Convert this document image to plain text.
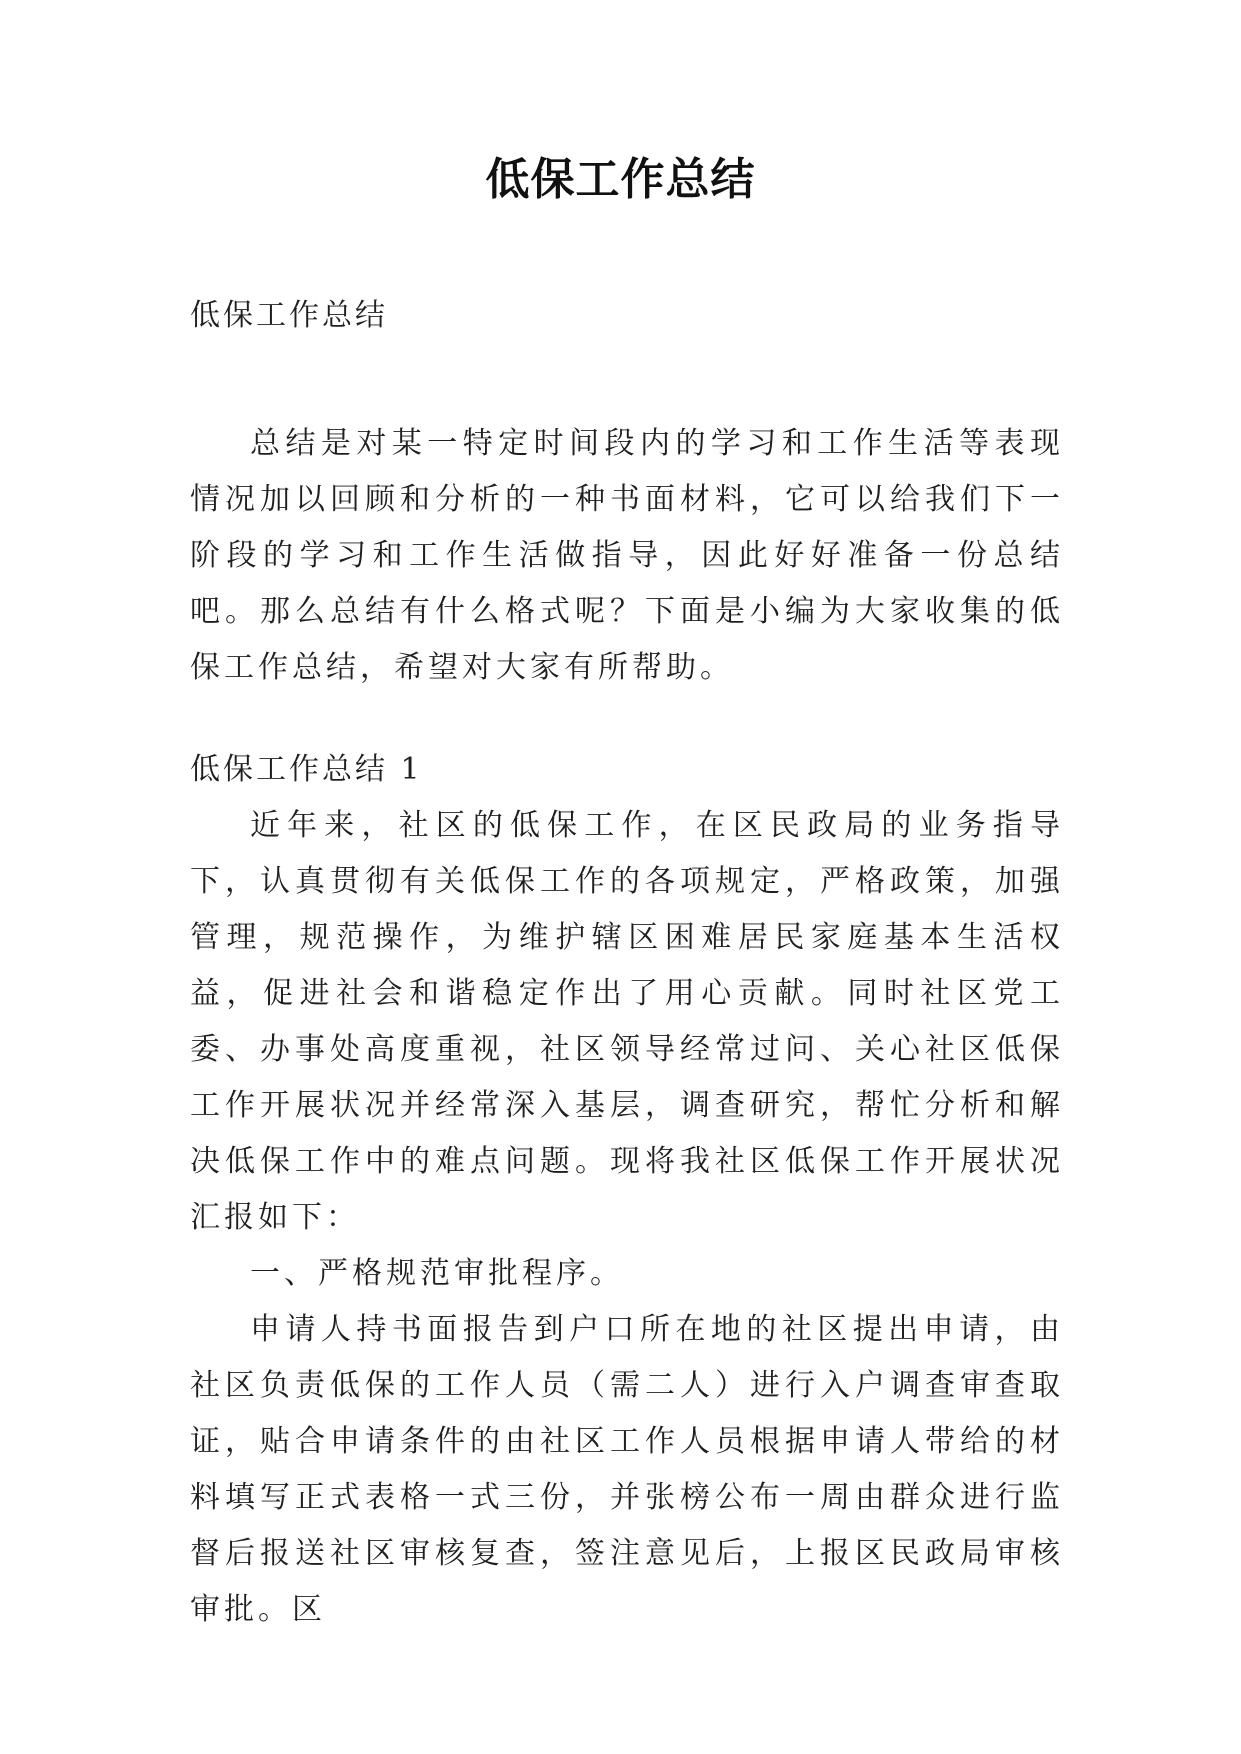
低保工作总结

低保工作总结

总结是对某一特定时间段内的学习和工作生活等表现情况加以回顾和分析的一种书面材料，它可以给我们下一阶段的学习和工作生活做指导，因此好好准备一份总结吧。那么总结有什么格式呢？下面是小编为大家收集的低保工作总结，希望对大家有所帮助。

低保工作总结 1

近年来，社区的低保工作，在区民政局的业务指导下，认真贯彻有关低保工作的各项规定，严格政策，加强管理，规范操作，为维护辖区困难居民家庭基本生活权益，促进社会和谐稳定作出了用心贡献。同时社区党工委、办事处高度重视，社区领导经常过问、关心社区低保工作开展状况并经常深入基层，调查研究，帮忙分析和解决低保工作中的难点问题。现将我社区低保工作开展状况汇报如下：

一、严格规范审批程序。

申请人持书面报告到户口所在地的社区提出申请，由社区负责低保的工作人员（需二人）进行入户调查审查取证，贴合申请条件的由社区工作人员根据申请人带给的材料填写正式表格一式三份，并张榜公布一周由群众进行监督后报送社区审核复查，签注意见后，上报区民政局审核审批。区
